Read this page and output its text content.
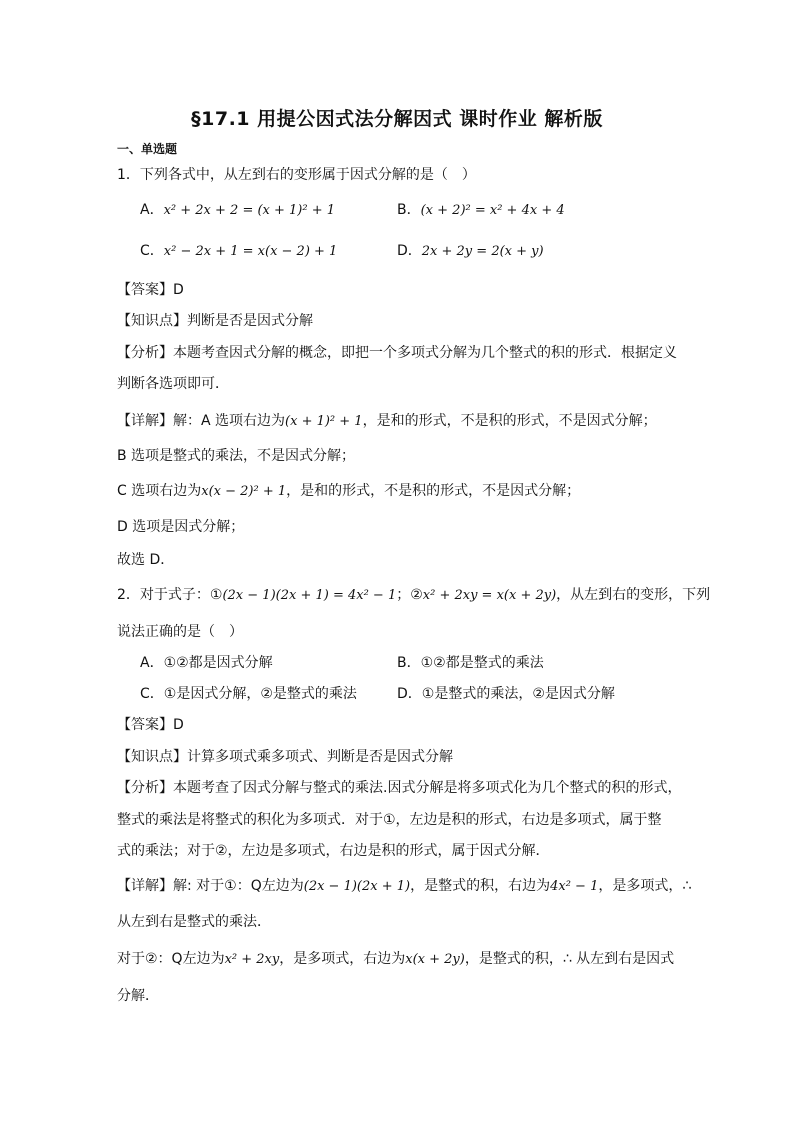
§17.1 用提公因式法分解因式 课时作业 解析版
一、单选题
1．下列各式中，从左到右的变形属于因式分解的是（　）
A．x² + 2x + 2 = (x + 1)² + 1	B．(x + 2)² = x² + 4x + 4
C．x² − 2x + 1 = x(x − 2) + 1	D．2x + 2y = 2(x + y)
【答案】D
【知识点】判断是否是因式分解
【分析】本题考查因式分解的概念，即把一个多项式分解为几个整式的积的形式．根据定义
判断各选项即可．
【详解】解：A 选项右边为(x + 1)² + 1，是和的形式，不是积的形式，不是因式分解；
B 选项是整式的乘法，不是因式分解；
C 选项右边为x(x − 2)² + 1，是和的形式，不是积的形式，不是因式分解；
D 选项是因式分解；
故选 D．
2．对于式子：①(2x − 1)(2x + 1) = 4x² − 1；②x² + 2xy = x(x + 2y)，从左到右的变形，下列
说法正确的是（　）
A．①②都是因式分解	B．①②都是整式的乘法
C．①是因式分解，②是整式的乘法	D．①是整式的乘法，②是因式分解
【答案】D
【知识点】计算多项式乘多项式、判断是否是因式分解
【分析】本题考查了因式分解与整式的乘法.因式分解是将多项式化为几个整式的积的形式，
整式的乘法是将整式的积化为多项式．对于①，左边是积的形式，右边是多项式，属于整
式的乘法；对于②，左边是多项式，右边是积的形式，属于因式分解．
【详解】解: 对于①：Q左边为(2x − 1)(2x + 1)，是整式的积，右边为4x² − 1，是多项式，∴
从左到右是整式的乘法．
对于②：Q左边为x² + 2xy，是多项式，右边为x(x + 2y)，是整式的积，∴ 从左到右是因式
分解．
